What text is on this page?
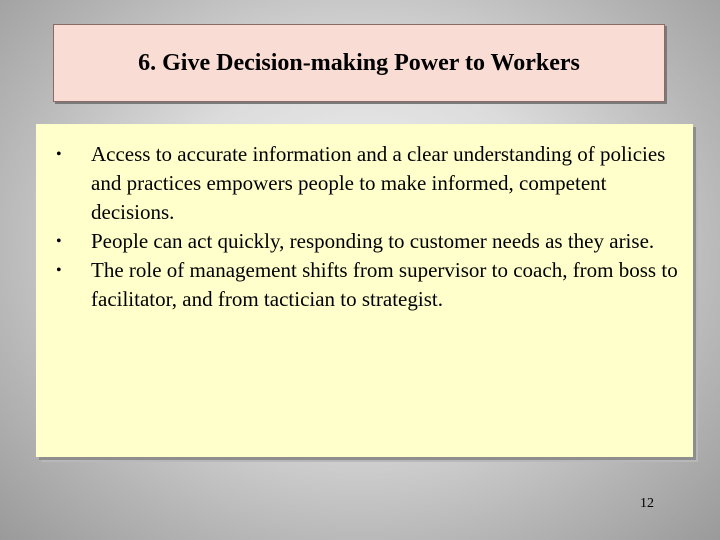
6. Give Decision-making Power to Workers
• Access to accurate information and a clear understanding of policies and practices empowers people to make informed, competent decisions.
• People can act quickly, responding to customer needs as they arise.
• The role of management shifts from supervisor to coach, from boss to facilitator, and from tactician to strategist.
12
